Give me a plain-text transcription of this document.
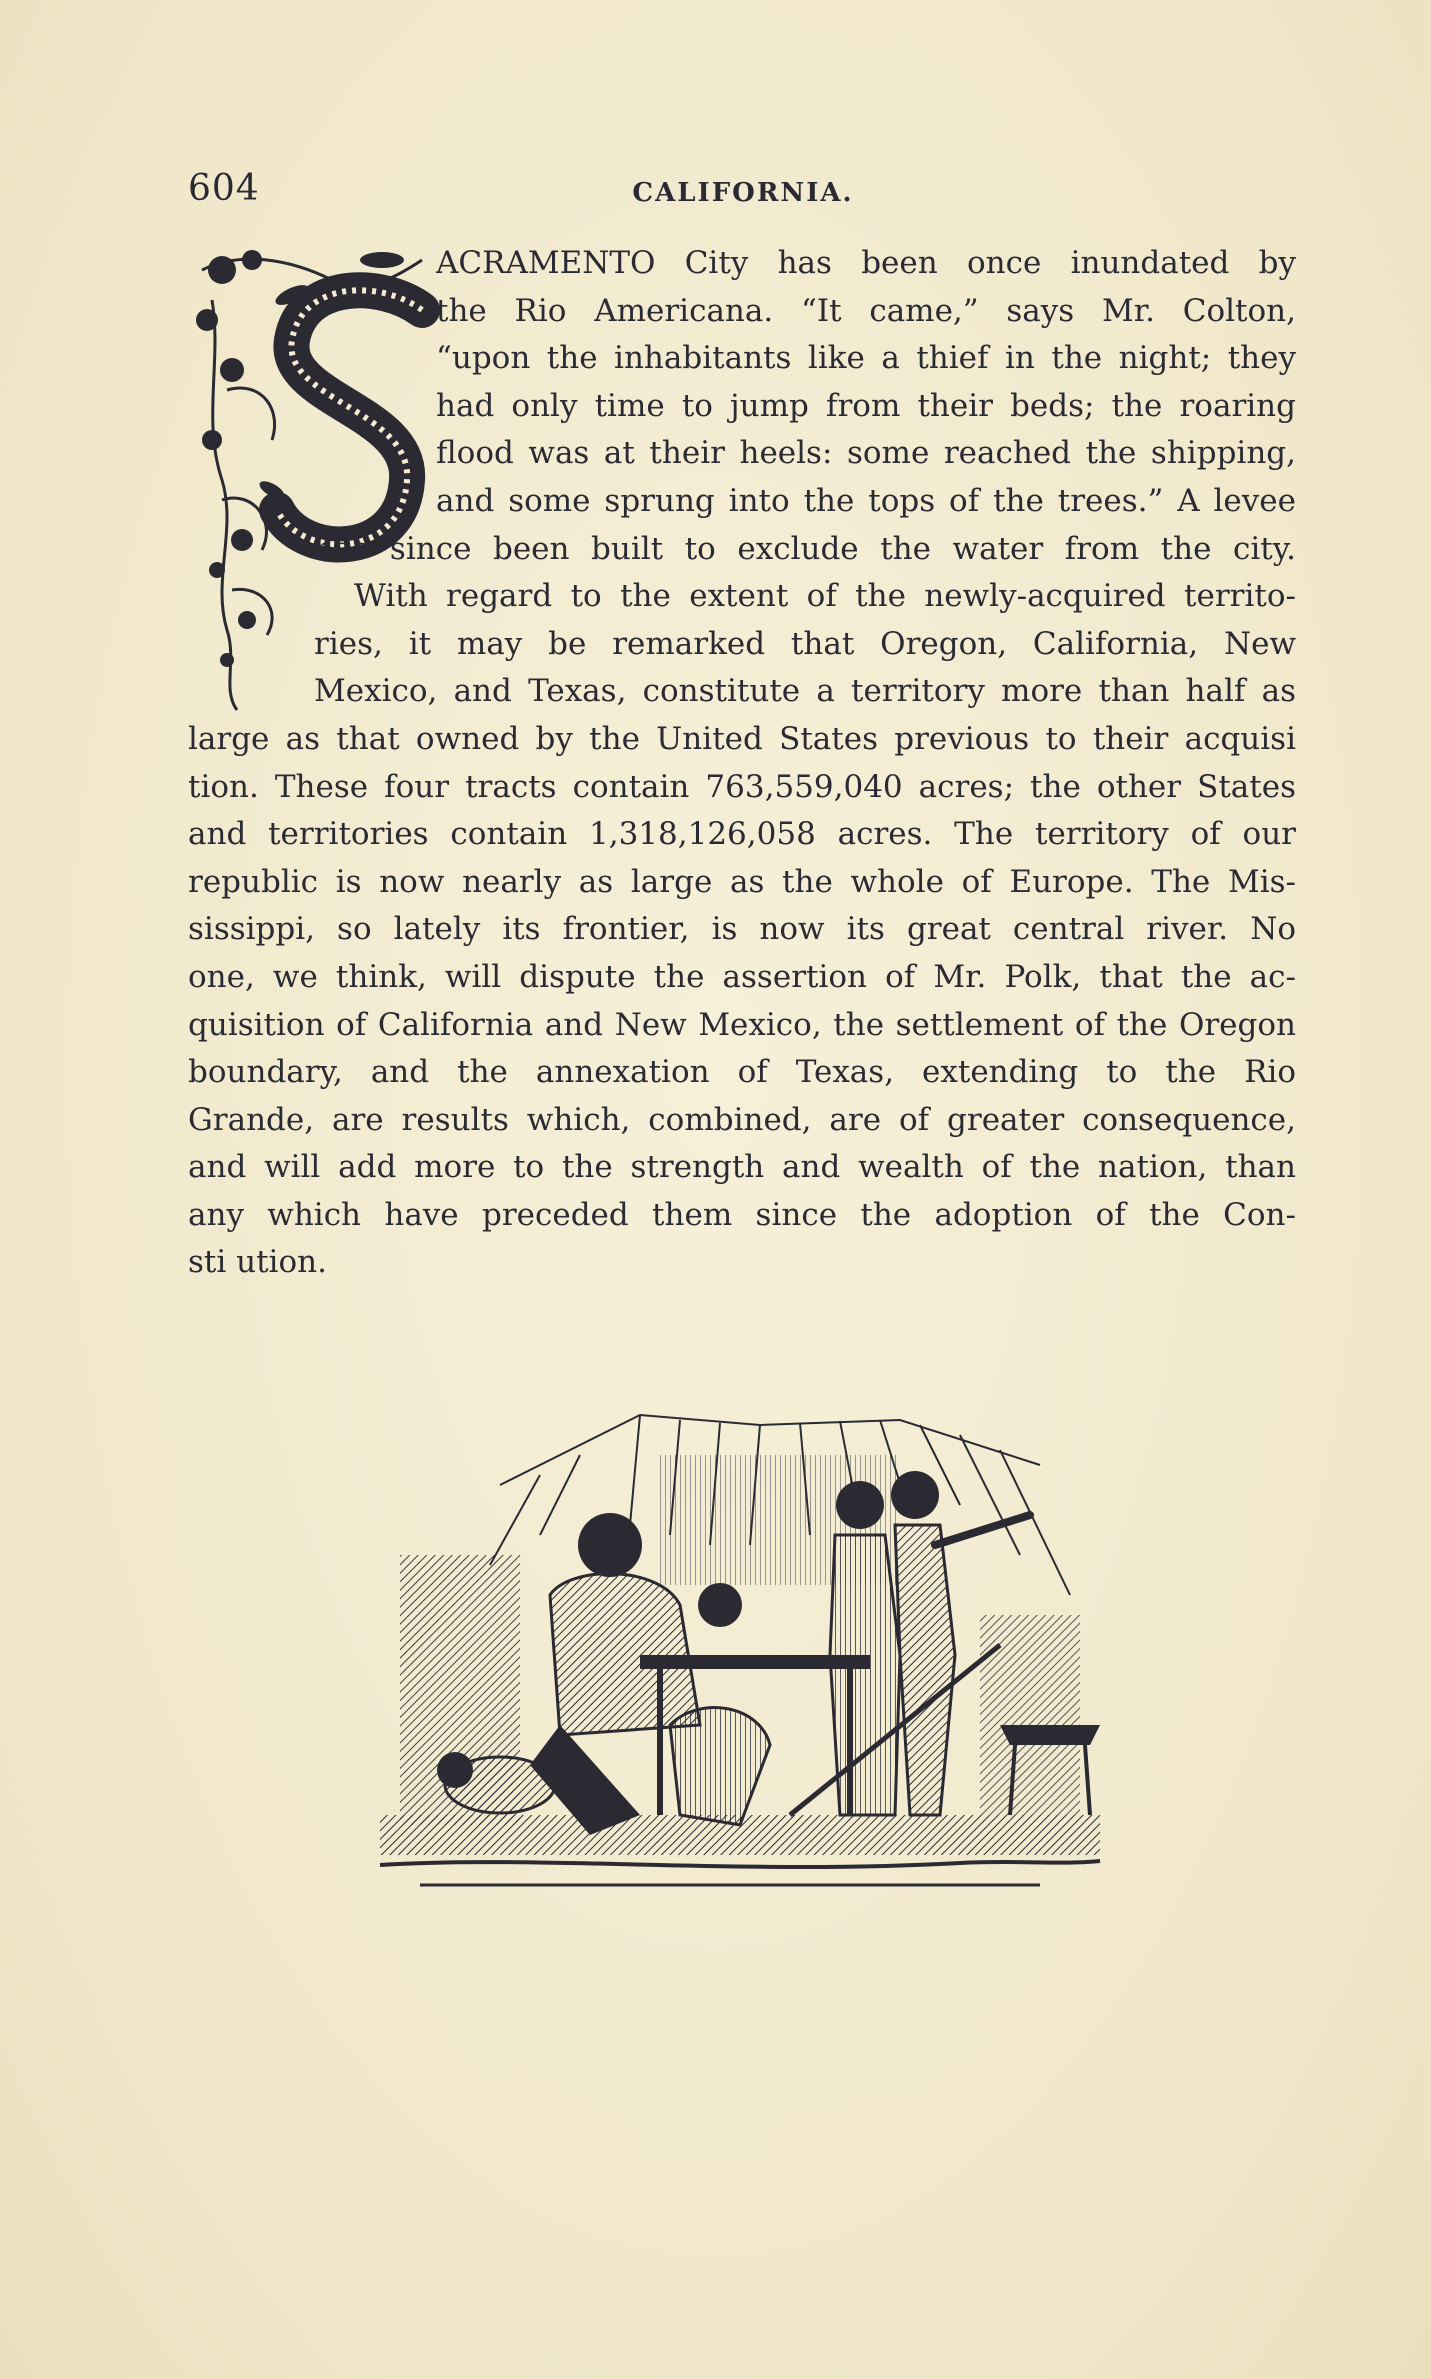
604	CALIFORNIA.
ACRAMENTO City has been once inundated by
the Rio Americana. “It came,” says Mr. Colton,
“upon the inhabitants like a thief in the night; they
had only time to jump from their beds; the roaring
flood was at their heels: some reached the shipping,
and some sprung into the tops of the trees.” A levee
has since been built to exclude the water from the city.
With regard to the extent of the newly-acquired territo-
ries, it may be remarked that Oregon, California, New
Mexico, and Texas, constitute a territory more than half as
large as that owned by the United States previous to their acquisi
tion. These four tracts contain 763,559,040 acres; the other States
and territories contain 1,318,126,058 acres. The territory of our
republic is now nearly as large as the whole of Europe. The Mis-
sissippi, so lately its frontier, is now its great central river. No
one, we think, will dispute the assertion of Mr. Polk, that the ac-
quisition of California and New Mexico, the settlement of the Oregon
boundary, and the annexation of Texas, extending to the Rio
Grande, are results which, combined, are of greater consequence,
and will add more to the strength and wealth of the nation, than
any which have preceded them since the adoption of the Con-
sti ution.
